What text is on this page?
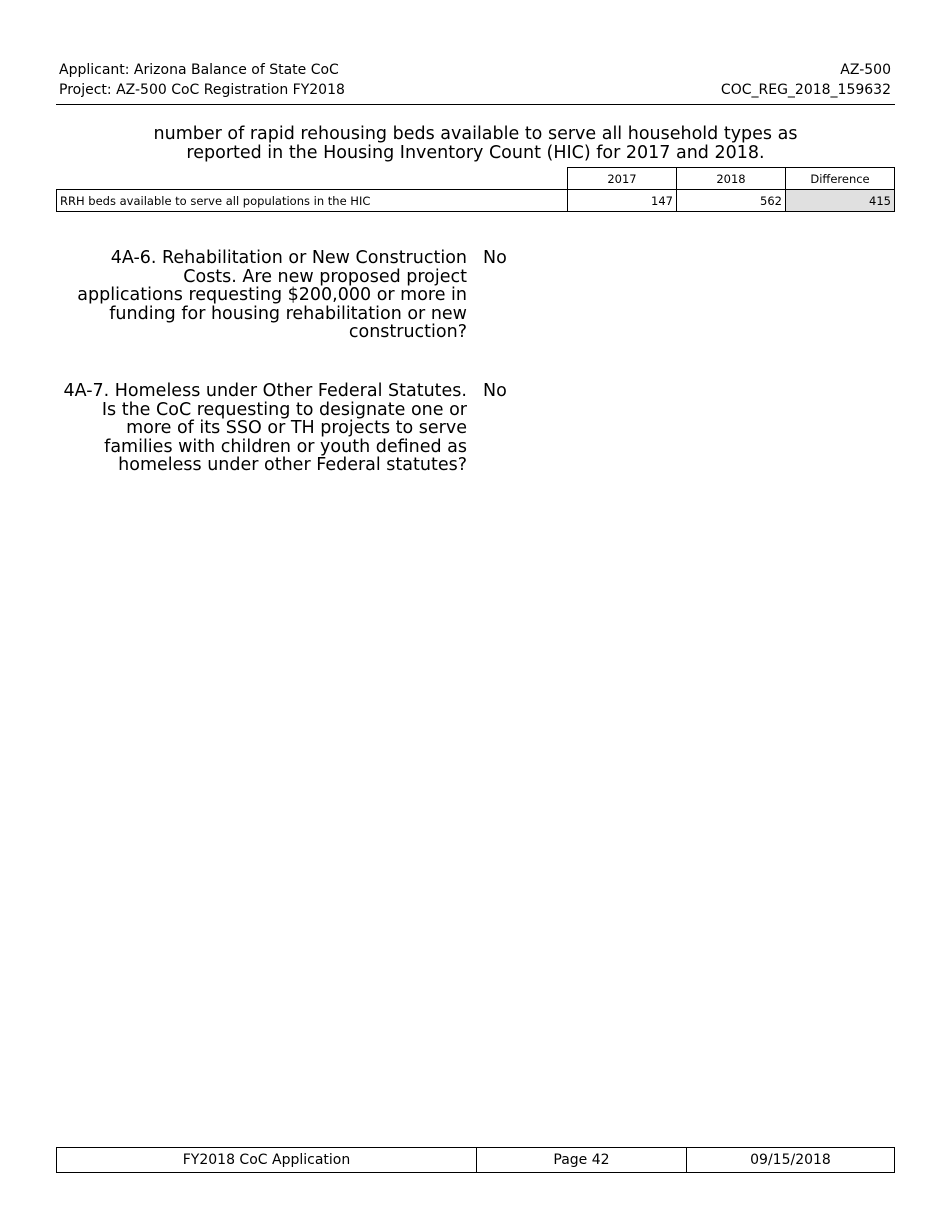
Applicant: Arizona Balance of State CoC
Project: AZ-500 CoC Registration FY2018
AZ-500
COC_REG_2018_159632
number of rapid rehousing beds available to serve all household types as
reported in the Housing Inventory Count (HIC) for 2017 and 2018.
	2017	2018	Difference
RRH beds available to serve all populations in the HIC	147	562	415
4A-6. Rehabilitation or New Construction
Costs. Are new proposed project
applications requesting $200,000 or more in
funding for housing rehabilitation or new
construction?
No
4A-7. Homeless under Other Federal Statutes.
Is the CoC requesting to designate one or
more of its SSO or TH projects to serve
families with children or youth defined as
homeless under other Federal statutes?
No
FY2018 CoC Application	Page 42	09/15/2018
